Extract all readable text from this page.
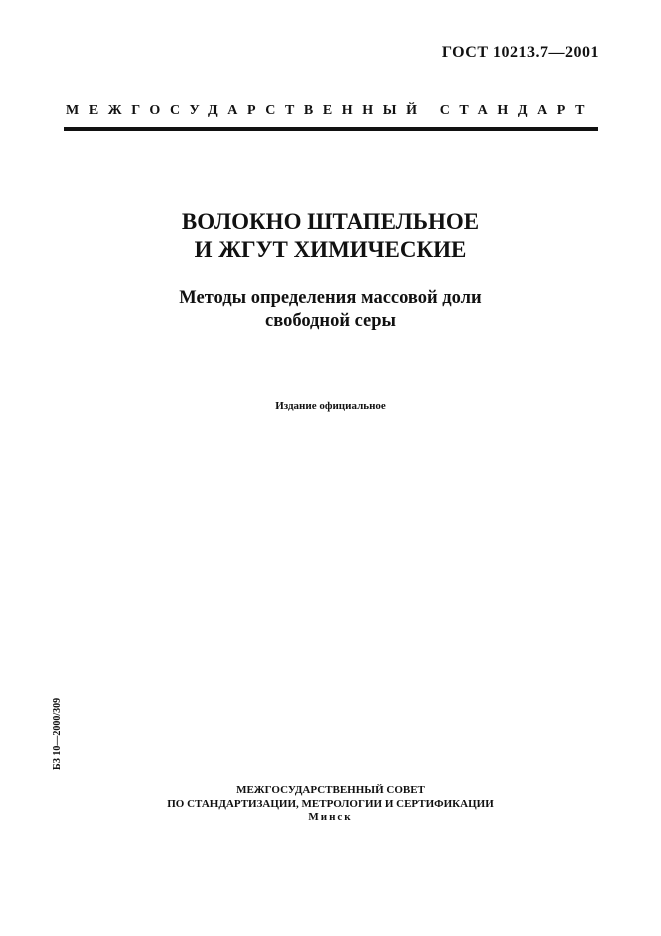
ГОСТ 10213.7—2001
МЕЖГОСУДАРСТВЕННЫЙ СТАНДАРТ
ВОЛОКНО ШТАПЕЛЬНОЕ
И ЖГУТ ХИМИЧЕСКИЕ
Методы определения массовой доли
свободной серы
Издание официальное
БЗ 10—2000/309
МЕЖГОСУДАРСТВЕННЫЙ СОВЕТ
ПО СТАНДАРТИЗАЦИИ, МЕТРОЛОГИИ И СЕРТИФИКАЦИИ
Минск
